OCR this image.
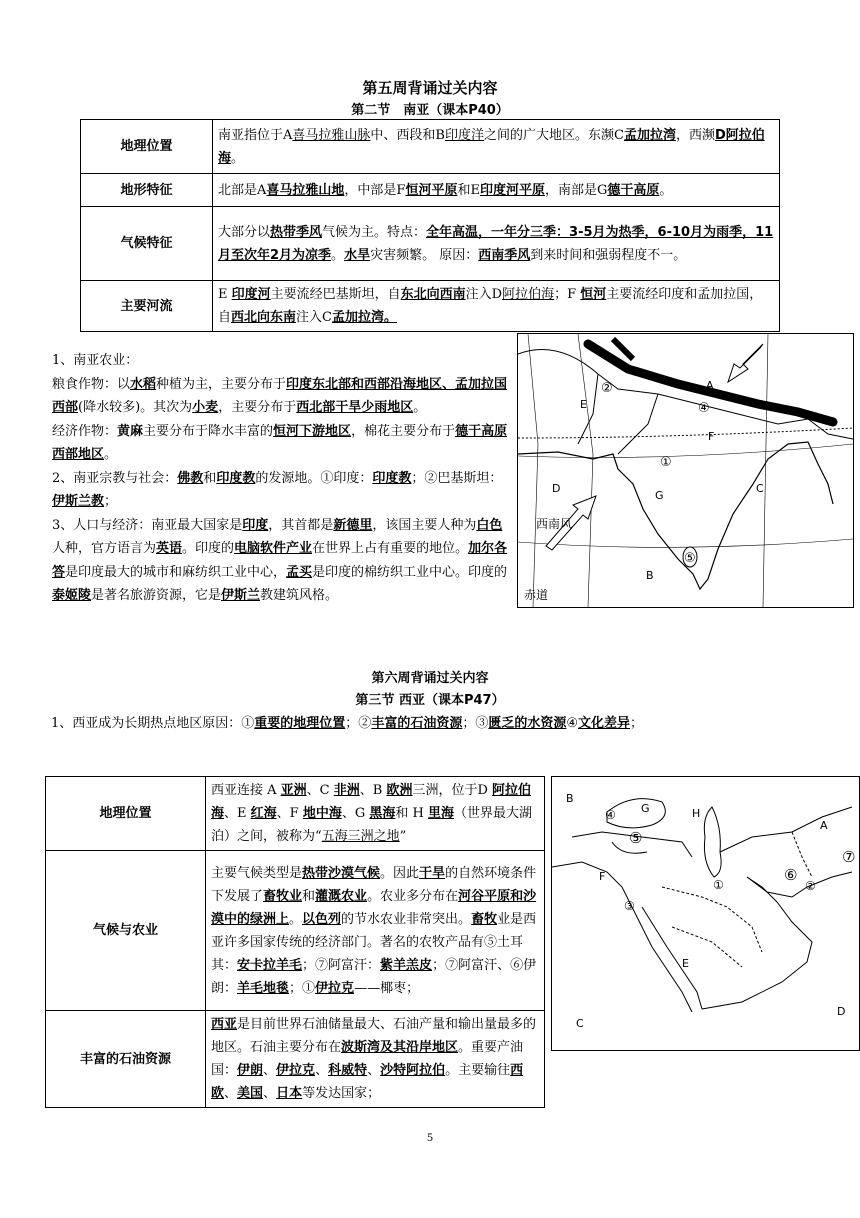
第五周背诵过关内容
第二节　南亚（课本P40）
地理位置	南亚指位于A喜马拉雅山脉中、西段和B印度洋之间的广大地区。东濒C孟加拉湾，西濒D阿拉伯海。
地形特征	北部是A喜马拉雅山地，中部是F恒河平原和E印度河平原，南部是G德干高原。
气候特征	大部分以热带季风气候为主。特点：全年高温，一年分三季：3-5月为热季，6-10月为雨季，11月至次年2月为凉季。水旱灾害频繁。 原因：西南季风到来时间和强弱程度不一。
主要河流	E 印度河主要流经巴基斯坦，自东北向西南注入D阿拉伯海；F 恒河主要流经印度和孟加拉国，自西北向东南注入C孟加拉湾。
1、南亚农业：
粮食作物：以水稻种植为主，主要分布于印度东北部和西部沿海地区、孟加拉国西部(降水较多)。其次为小麦，主要分布于西北部干旱少雨地区。
经济作物：黄麻主要分布于降水丰富的恒河下游地区，棉花主要分布于德干高原西部地区。
2、南亚宗教与社会：佛教和印度教的发源地。①印度：印度教；②巴基斯坦：伊斯兰教；
3、人口与经济：南亚最大国家是印度，其首都是新德里，该国主要人种为白色人种，官方语言为英语。印度的电脑软件产业在世界上占有重要的地位。加尔各答是印度最大的城市和麻纺织工业中心，孟买是印度的棉纺织工业中心。印度的泰姬陵是著名旅游资源，它是伊斯兰教建筑风格。
A
B
C
D
E
F
G
①
②
④
⑤
西南风
赤道
第六周背诵过关内容
第三节 西亚（课本P47）
1、西亚成为长期热点地区原因：①重要的地理位置；②丰富的石油资源；③匮乏的水资源④文化差异；
地理位置	西亚连接 A 亚洲、C 非洲、B 欧洲三洲，位于D 阿拉伯海、E 红海、F 地中海、G 黑海和 H 里海（世界最大湖泊）之间，被称为“五海三洲之地”
气候与农业	主要气候类型是热带沙漠气候。因此干旱的自然环境条件下发展了畜牧业和灌溉农业。农业多分布在河谷平原和沙漠中的绿洲上。以色列的节水农业非常突出。畜牧业是西亚许多国家传统的经济部门。著名的农牧产品有⑤土耳其：安卡拉羊毛；⑦阿富汗：紫羊羔皮；⑦阿富汗、⑥伊朗：羊毛地毯；①伊拉克——椰枣；
丰富的石油资源	西亚是目前世界石油储量最大、石油产量和输出量最多的地区。石油主要分布在波斯湾及其沿岸地区。重要产油国：伊朗、伊拉克、科威特、沙特阿拉伯。主要输往西欧、美国、日本等发达国家；
A
B
C
D
E
F
G	H
①	②
③
④
⑤
⑥
⑦
5
